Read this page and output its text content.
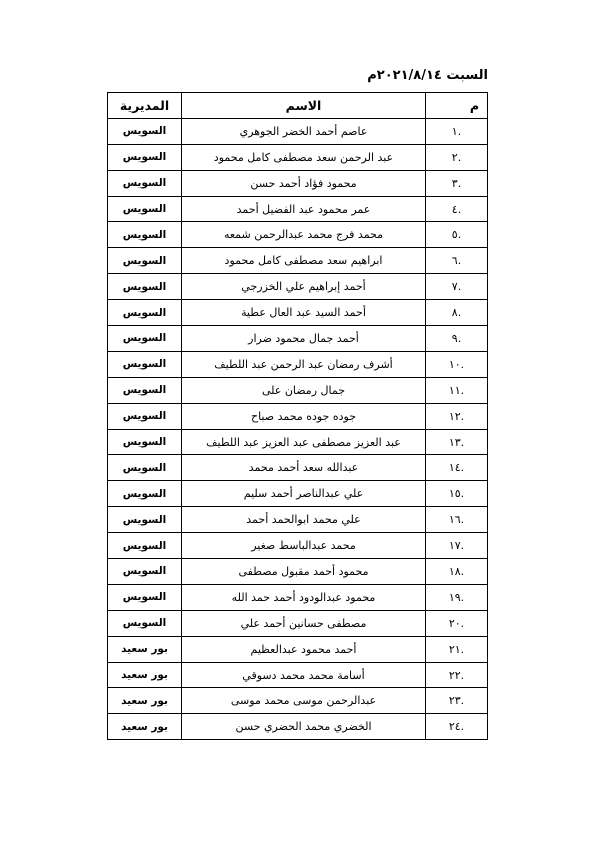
السبت ٢٠٢١/٨/١٤م
م	الاسم	المديرية
.١	عاصم أحمد الخضر الجوهري	السويس
.٢	عبد الرحمن سعد مصطفى كامل محمود	السويس
.٣	محمود فؤاد أحمد حسن	السويس
.٤	عمر محمود عبد الفضيل أحمد	السويس
.٥	محمد فرج محمد عبدالرحمن شمعه	السويس
.٦	ابراهيم سعد مصطفى كامل محمود	السويس
.٧	أحمد إبراهيم علي الخزرجي	السويس
.٨	أحمد السيد عبد العال عطية	السويس
.٩	أحمد جمال محمود ضرار	السويس
.١٠	أشرف رمضان عبد الرحمن عبد اللطيف	السويس
.١١	جمال رمضان على	السويس
.١٢	جوده جوده محمد صباح	السويس
.١٣	عبد العزيز مصطفى عبد العزيز عبد اللطيف	السويس
.١٤	عبدالله سعد أحمد محمد	السويس
.١٥	علي عبدالناصر أحمد سليم	السويس
.١٦	علي محمد ابوالحمد أحمد	السويس
.١٧	محمد عبدالباسط صغير	السويس
.١٨	محمود أحمد مقبول مصطفى	السويس
.١٩	محمود عبدالودود أحمد حمد الله	السويس
.٢٠	مصطفى حسانين أحمد علي	السويس
.٢١	أحمد محمود عبدالعظيم	بور سعيد
.٢٢	أسامة محمد محمد دسوقي	بور سعيد
.٢٣	عبدالرحمن موسى محمد موسى	بور سعيد
.٢٤	الخضري محمد الحضري حسن	بور سعيد
